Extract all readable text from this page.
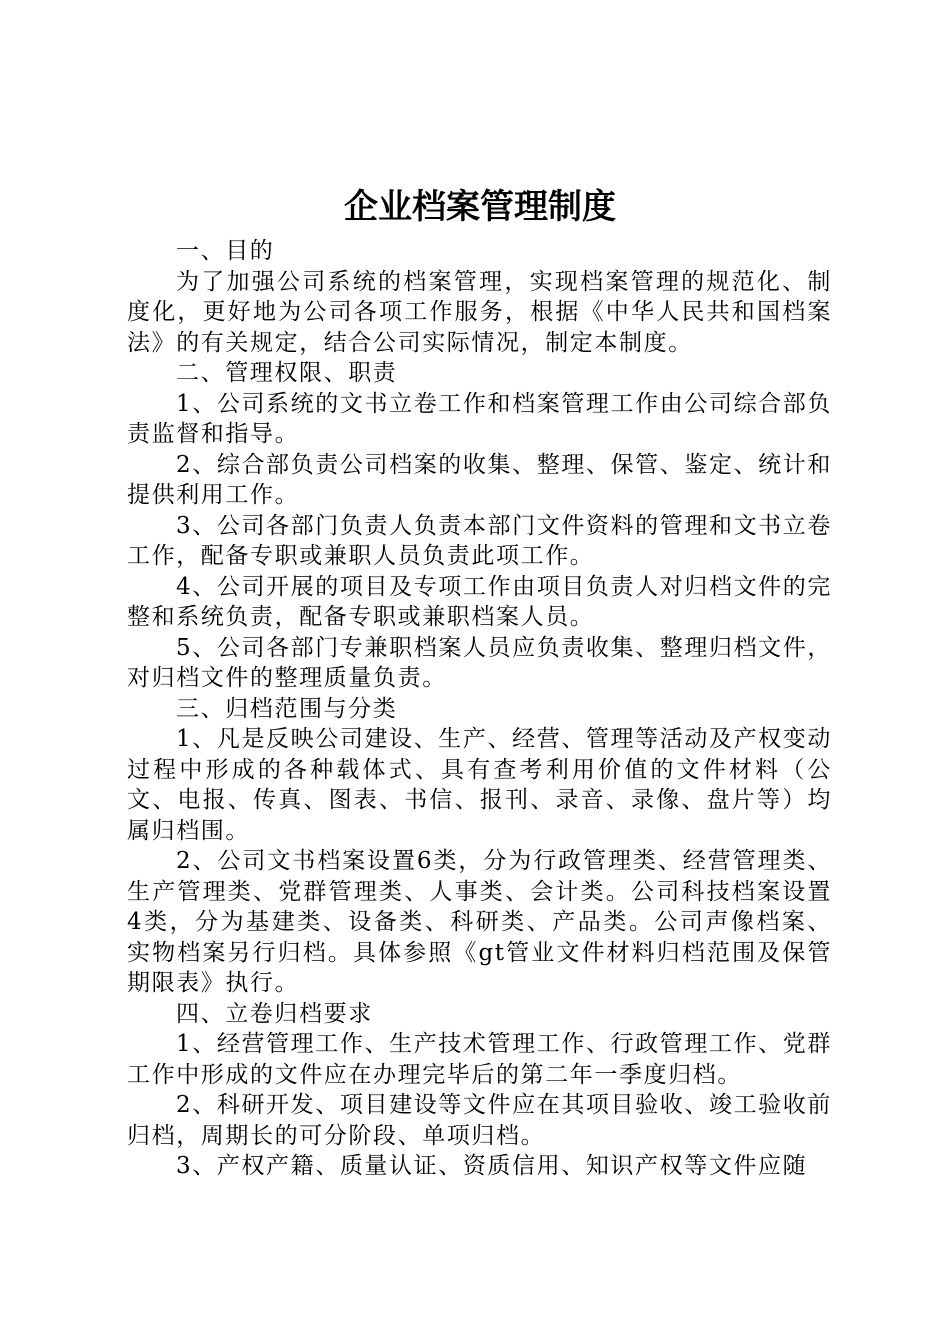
企业档案管理制度

一、目的

为了加强公司系统的档案管理，实现档案管理的规范化、制度化，更好地为公司各项工作服务，根据《中华人民共和国档案法》的有关规定，结合公司实际情况，制定本制度。

二、管理权限、职责

1、公司系统的文书立卷工作和档案管理工作由公司综合部负责监督和指导。

2、综合部负责公司档案的收集、整理、保管、鉴定、统计和提供利用工作。

3、公司各部门负责人负责本部门文件资料的管理和文书立卷工作，配备专职或兼职人员负责此项工作。

4、公司开展的项目及专项工作由项目负责人对归档文件的完整和系统负责，配备专职或兼职档案人员。

5、公司各部门专兼职档案人员应负责收集、整理归档文件，对归档文件的整理质量负责。

三、归档范围与分类

1、凡是反映公司建设、生产、经营、管理等活动及产权变动过程中形成的各种载体式、具有查考利用价值的文件材料（公文、电报、传真、图表、书信、报刊、录音、录像、盘片等）均属归档围。

2、公司文书档案设置6类，分为行政管理类、经营管理类、生产管理类、党群管理类、人事类、会计类。公司科技档案设置4类，分为基建类、设备类、科研类、产品类。公司声像档案、实物档案另行归档。具体参照《gt管业文件材料归档范围及保管期限表》执行。

四、立卷归档要求

1、经营管理工作、生产技术管理工作、行政管理工作、党群工作中形成的文件应在办理完毕后的第二年一季度归档。

2、科研开发、项目建设等文件应在其项目验收、竣工验收前归档，周期长的可分阶段、单项归档。

3、产权产籍、质量认证、资质信用、知识产权等文件应随
